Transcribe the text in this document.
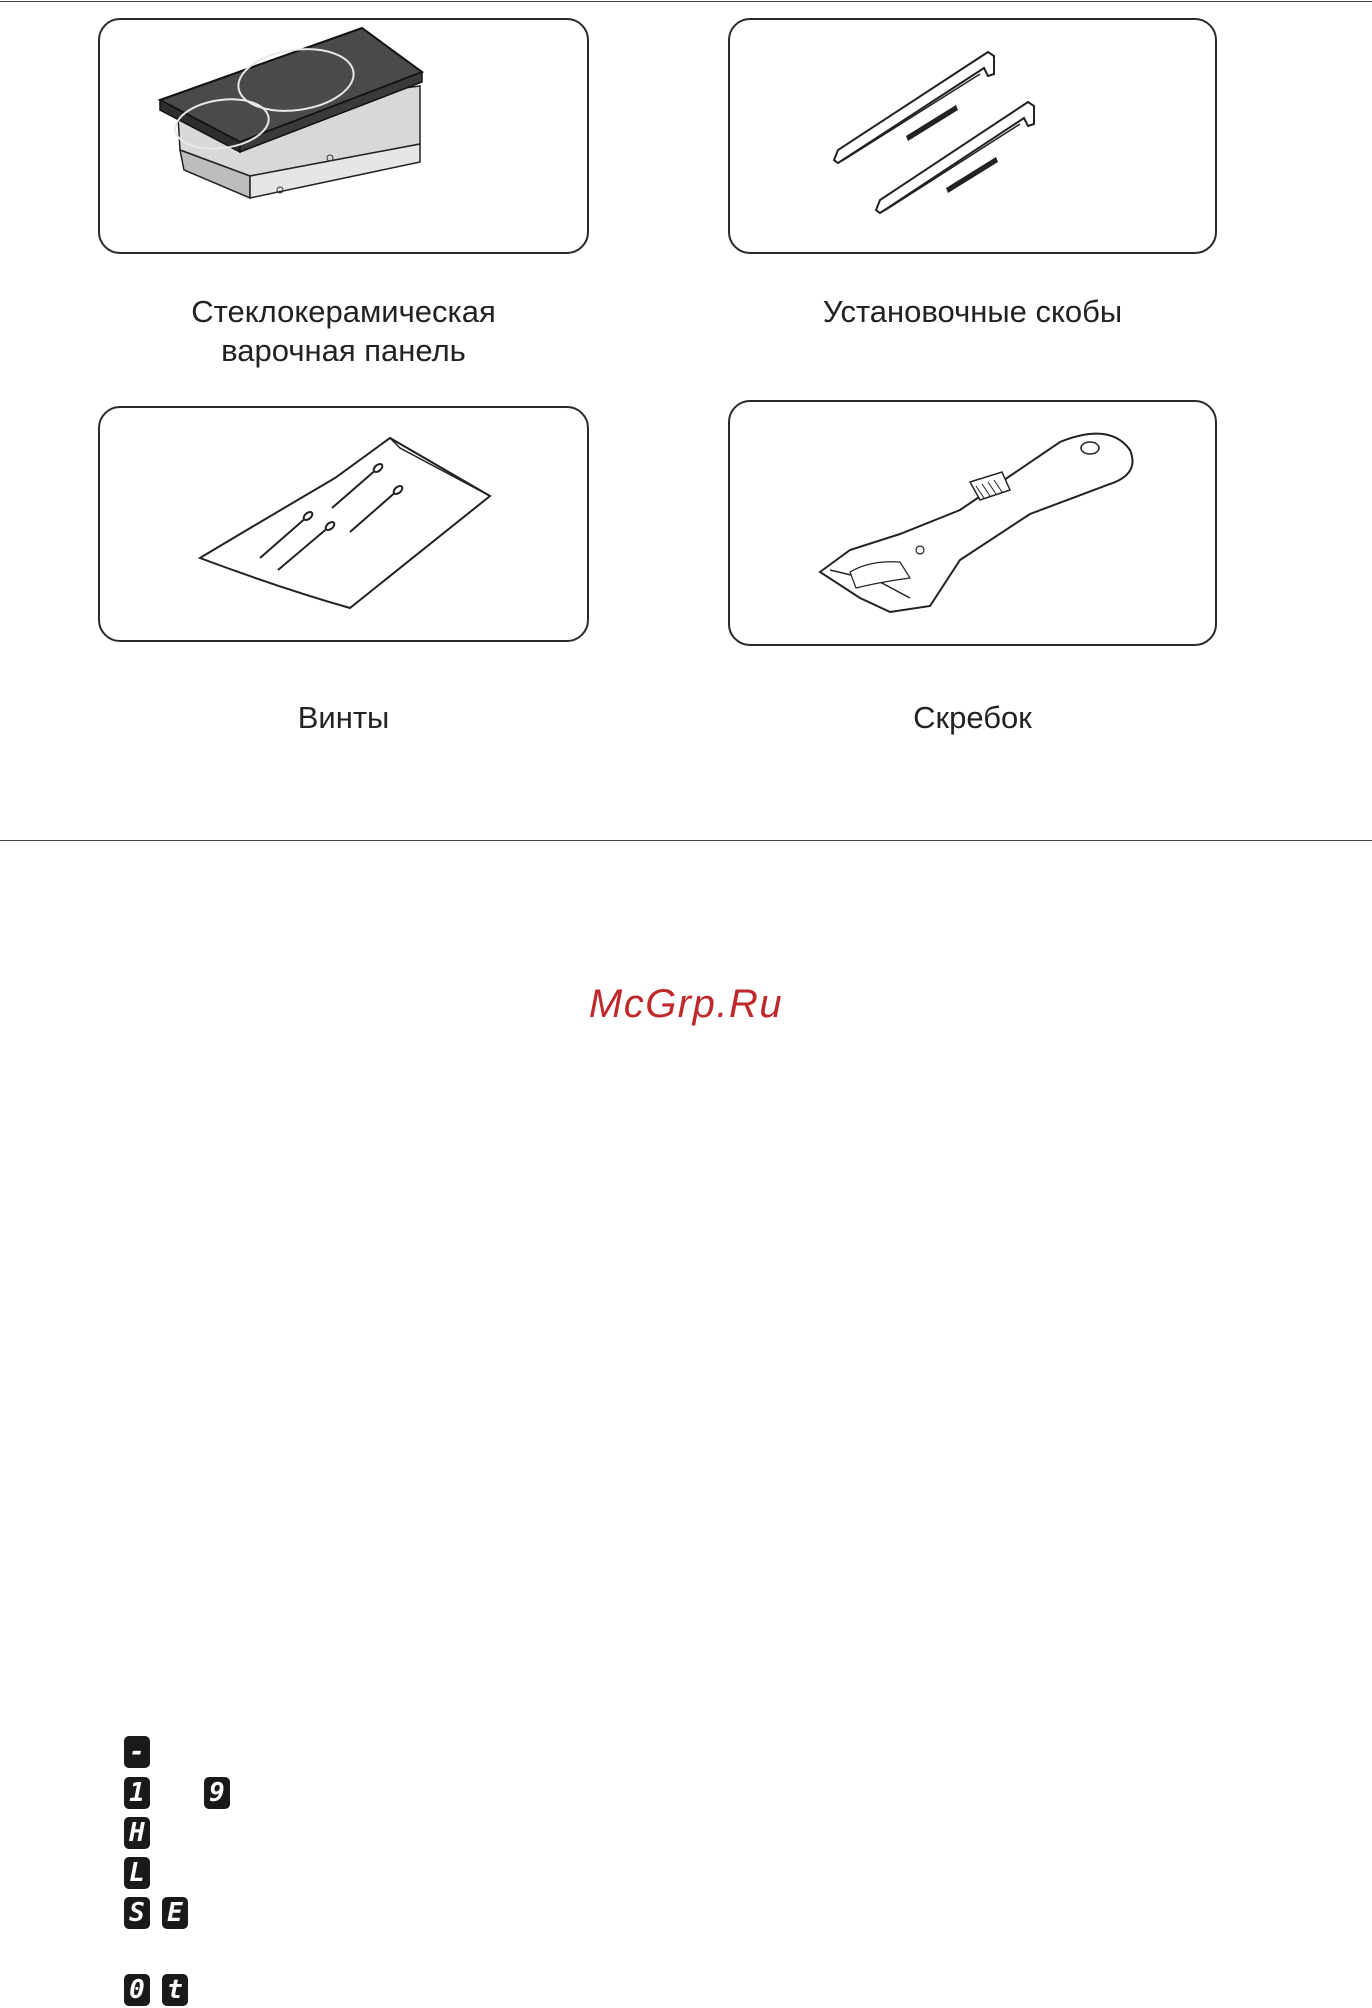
Стеклокерамическая
варочная панель
Установочные скобы
Винты	Скребок
McGrp.Ru
-
1 9
H
L
S E
0 t
